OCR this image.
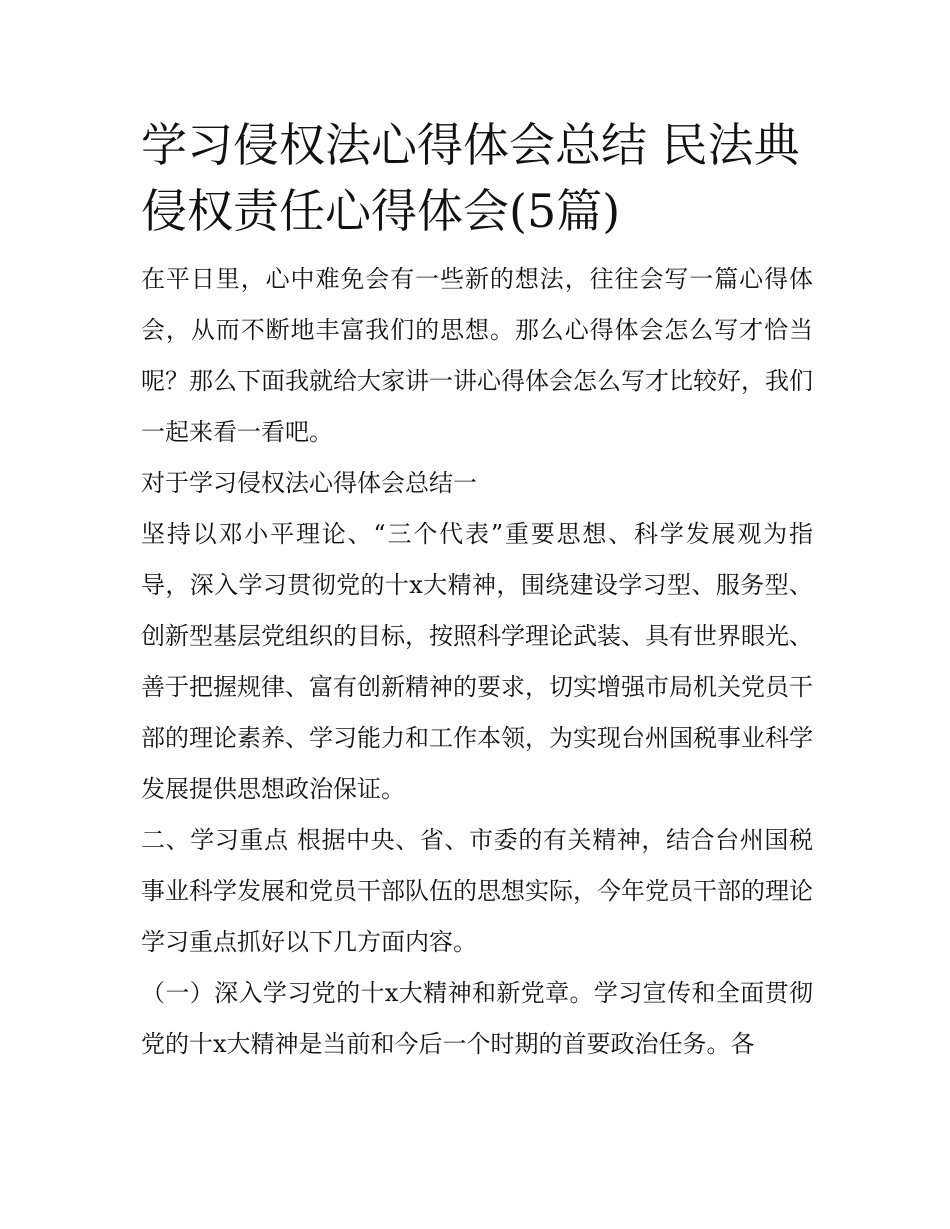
学习侵权法心得体会总结 民法典侵权责任心得体会(5篇)

在平日里，心中难免会有一些新的想法，往往会写一篇心得体会，从而不断地丰富我们的思想。那么心得体会怎么写才恰当呢？那么下面我就给大家讲一讲心得体会怎么写才比较好，我们一起来看一看吧。

对于学习侵权法心得体会总结一

坚持以邓小平理论、“三个代表”重要思想、科学发展观为指导，深入学习贯彻党的十x大精神，围绕建设学习型、服务型、创新型基层党组织的目标，按照科学理论武装、具有世界眼光、善于把握规律、富有创新精神的要求，切实增强市局机关党员干部的理论素养、学习能力和工作本领，为实现台州国税事业科学发展提供思想政治保证。

二、学习重点 根据中央、省、市委的有关精神，结合台州国税事业科学发展和党员干部队伍的思想实际，今年党员干部的理论学习重点抓好以下几方面内容。

（一）深入学习党的十x大精神和新党章。学习宣传和全面贯彻党的十x大精神是当前和今后一个时期的首要政治任务。各
